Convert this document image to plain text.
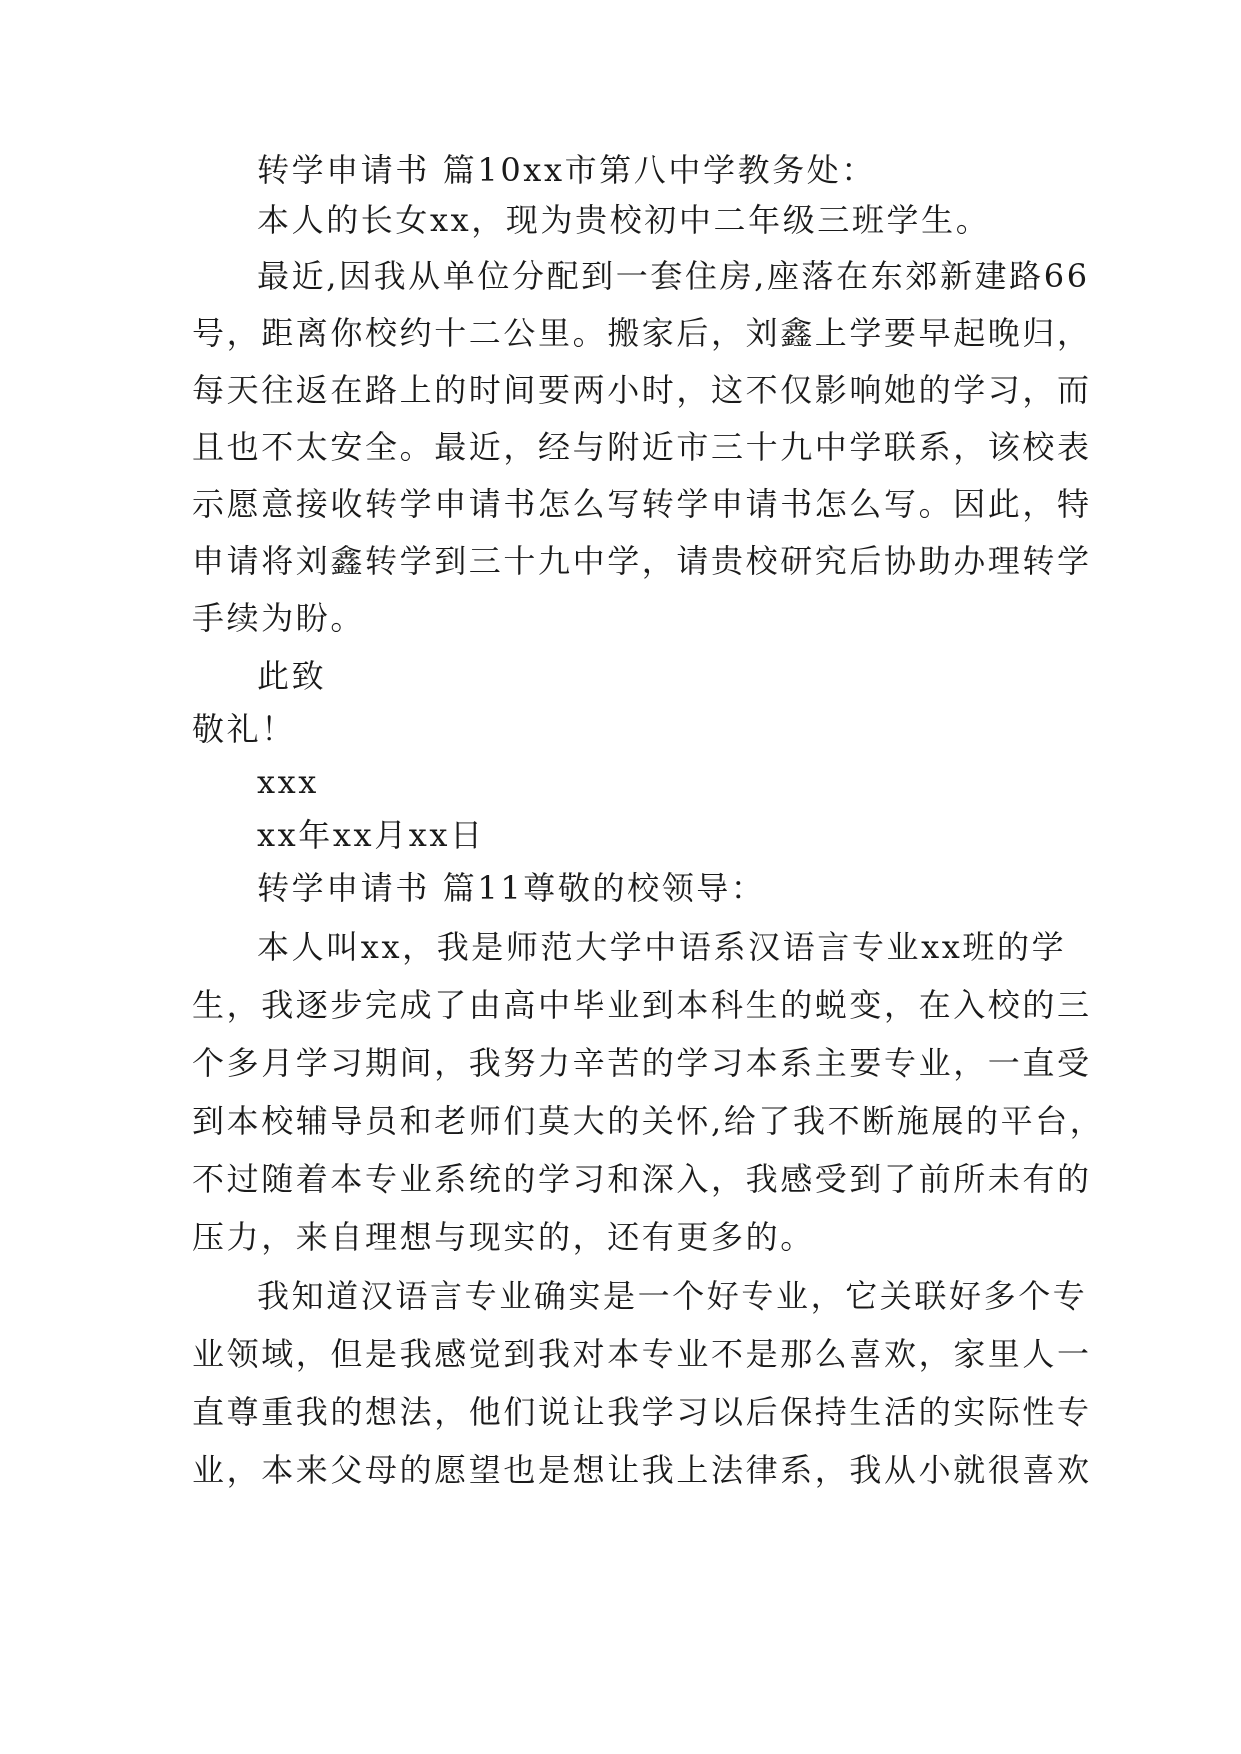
转学申请书 篇10xx市第八中学教务处：
本人的长女xx，现为贵校初中二年级三班学生。
最近,因我从单位分配到一套住房,座落在东郊新建路66
号，距离你校约十二公里。搬家后，刘鑫上学要早起晚归，
每天往返在路上的时间要两小时，这不仅影响她的学习，而
且也不太安全。最近，经与附近市三十九中学联系，该校表
示愿意接收转学申请书怎么写转学申请书怎么写。因此，特
申请将刘鑫转学到三十九中学，请贵校研究后协助办理转学
手续为盼。
此致
敬礼！
xxx
xx年xx月xx日
转学申请书 篇11尊敬的校领导：
本人叫xx，我是师范大学中语系汉语言专业xx班的学
生，我逐步完成了由高中毕业到本科生的蜕变，在入校的三
个多月学习期间，我努力辛苦的学习本系主要专业，一直受
到本校辅导员和老师们莫大的关怀,给了我不断施展的平台，
不过随着本专业系统的学习和深入，我感受到了前所未有的
压力，来自理想与现实的，还有更多的。
我知道汉语言专业确实是一个好专业，它关联好多个专
业领域，但是我感觉到我对本专业不是那么喜欢，家里人一
直尊重我的想法，他们说让我学习以后保持生活的实际性专
业，本来父母的愿望也是想让我上法律系，我从小就很喜欢
